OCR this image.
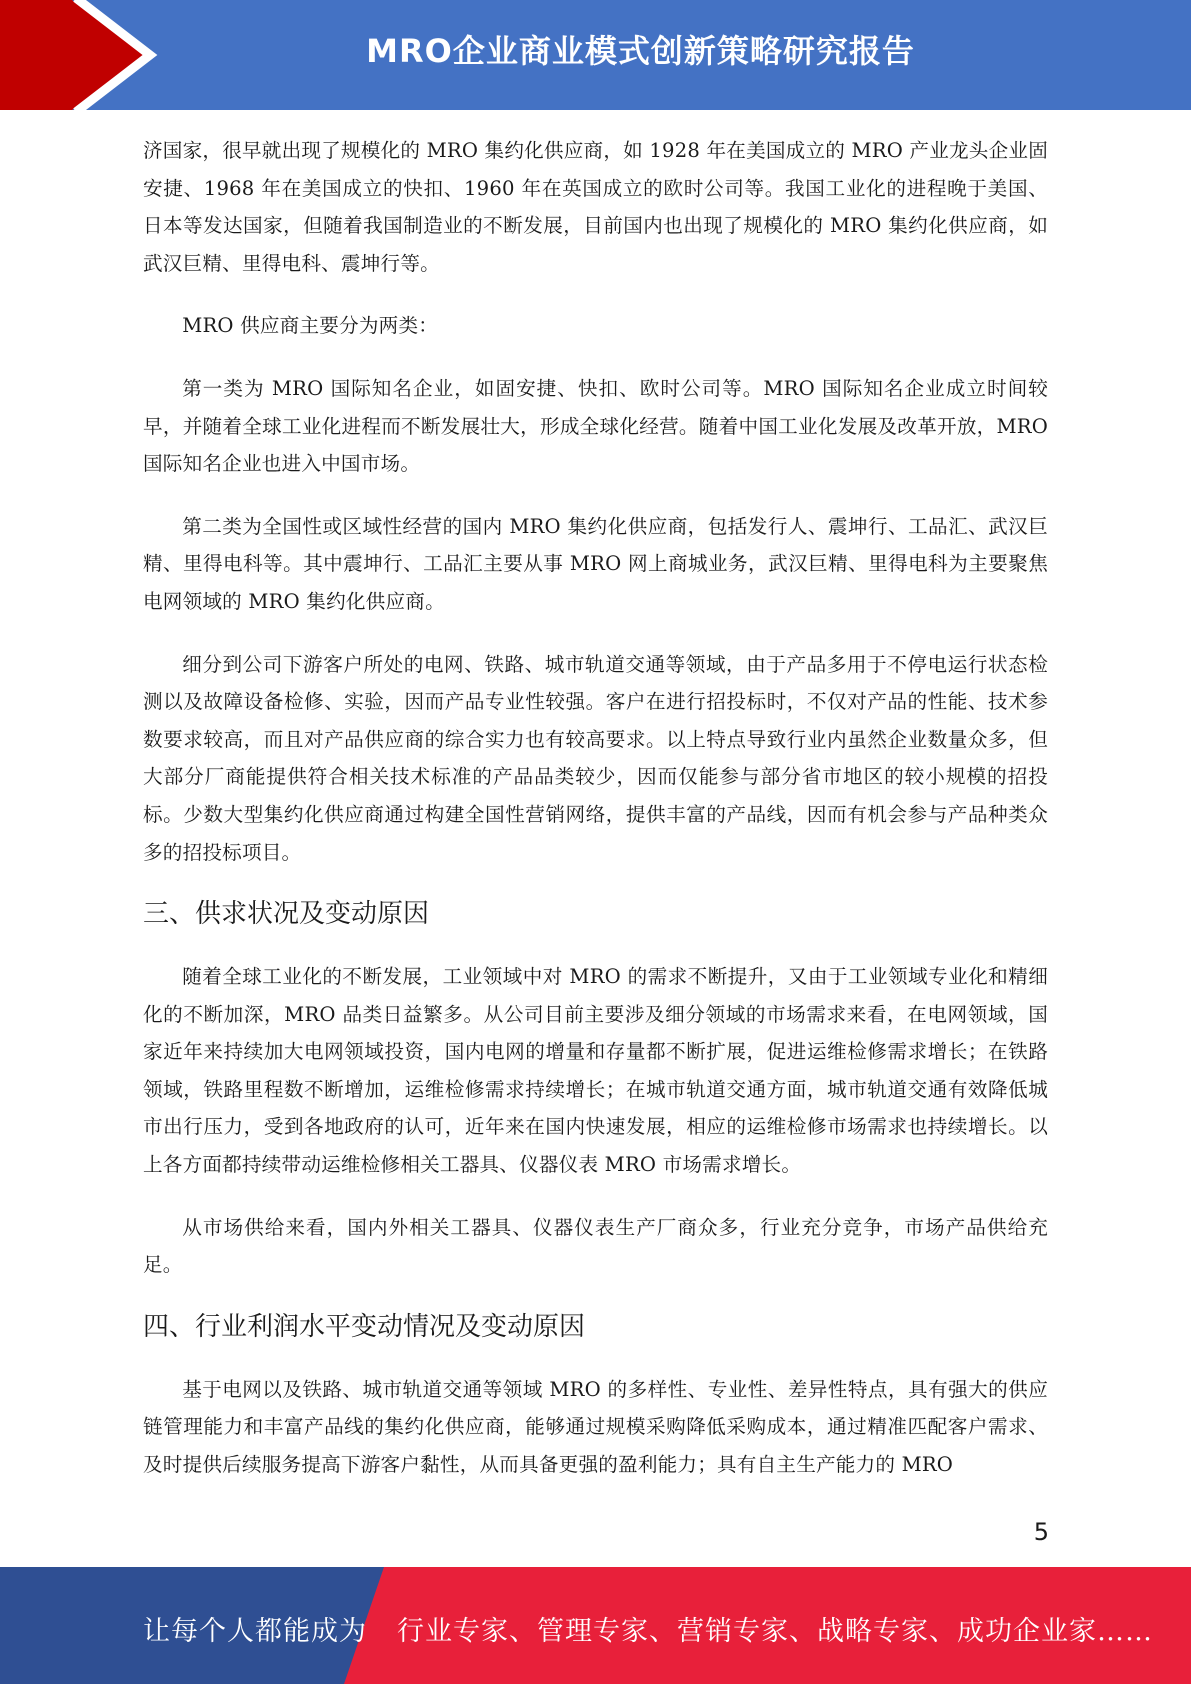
MRO企业商业模式创新策略研究报告

济国家，很早就出现了规模化的 MRO 集约化供应商，如 1928 年在美国成立的 MRO 产业龙头企业固安捷、1968 年在美国成立的快扣、1960 年在英国成立的欧时公司等。我国工业化的进程晚于美国、日本等发达国家，但随着我国制造业的不断发展，目前国内也出现了规模化的 MRO 集约化供应商，如武汉巨精、里得电科、震坤行等。

MRO 供应商主要分为两类：

第一类为 MRO 国际知名企业，如固安捷、快扣、欧时公司等。MRO 国际知名企业成立时间较早，并随着全球工业化进程而不断发展壮大，形成全球化经营。随着中国工业化发展及改革开放，MRO 国际知名企业也进入中国市场。

第二类为全国性或区域性经营的国内 MRO 集约化供应商，包括发行人、震坤行、工品汇、武汉巨精、里得电科等。其中震坤行、工品汇主要从事 MRO 网上商城业务，武汉巨精、里得电科为主要聚焦电网领域的 MRO 集约化供应商。

细分到公司下游客户所处的电网、铁路、城市轨道交通等领域，由于产品多用于不停电运行状态检测以及故障设备检修、实验，因而产品专业性较强。客户在进行招投标时，不仅对产品的性能、技术参数要求较高，而且对产品供应商的综合实力也有较高要求。以上特点导致行业内虽然企业数量众多，但大部分厂商能提供符合相关技术标准的产品品类较少，因而仅能参与部分省市地区的较小规模的招投标。少数大型集约化供应商通过构建全国性营销网络，提供丰富的产品线，因而有机会参与产品种类众多的招投标项目。

三、供求状况及变动原因

随着全球工业化的不断发展，工业领域中对 MRO 的需求不断提升，又由于工业领域专业化和精细化的不断加深，MRO 品类日益繁多。从公司目前主要涉及细分领域的市场需求来看，在电网领域，国家近年来持续加大电网领域投资，国内电网的增量和存量都不断扩展，促进运维检修需求增长；在铁路领域，铁路里程数不断增加，运维检修需求持续增长；在城市轨道交通方面，城市轨道交通有效降低城市出行压力，受到各地政府的认可，近年来在国内快速发展，相应的运维检修市场需求也持续增长。以上各方面都持续带动运维检修相关工器具、仪器仪表 MRO 市场需求增长。

从市场供给来看，国内外相关工器具、仪器仪表生产厂商众多，行业充分竞争，市场产品供给充足。

四、行业利润水平变动情况及变动原因

基于电网以及铁路、城市轨道交通等领域 MRO 的多样性、专业性、差异性特点，具有强大的供应链管理能力和丰富产品线的集约化供应商，能够通过规模采购降低采购成本，通过精准匹配客户需求、及时提供后续服务提高下游客户黏性，从而具备更强的盈利能力；具有自主生产能力的 MRO

5
让每个人都能成为 行业专家、管理专家、营销专家、战略专家、成功企业家……
